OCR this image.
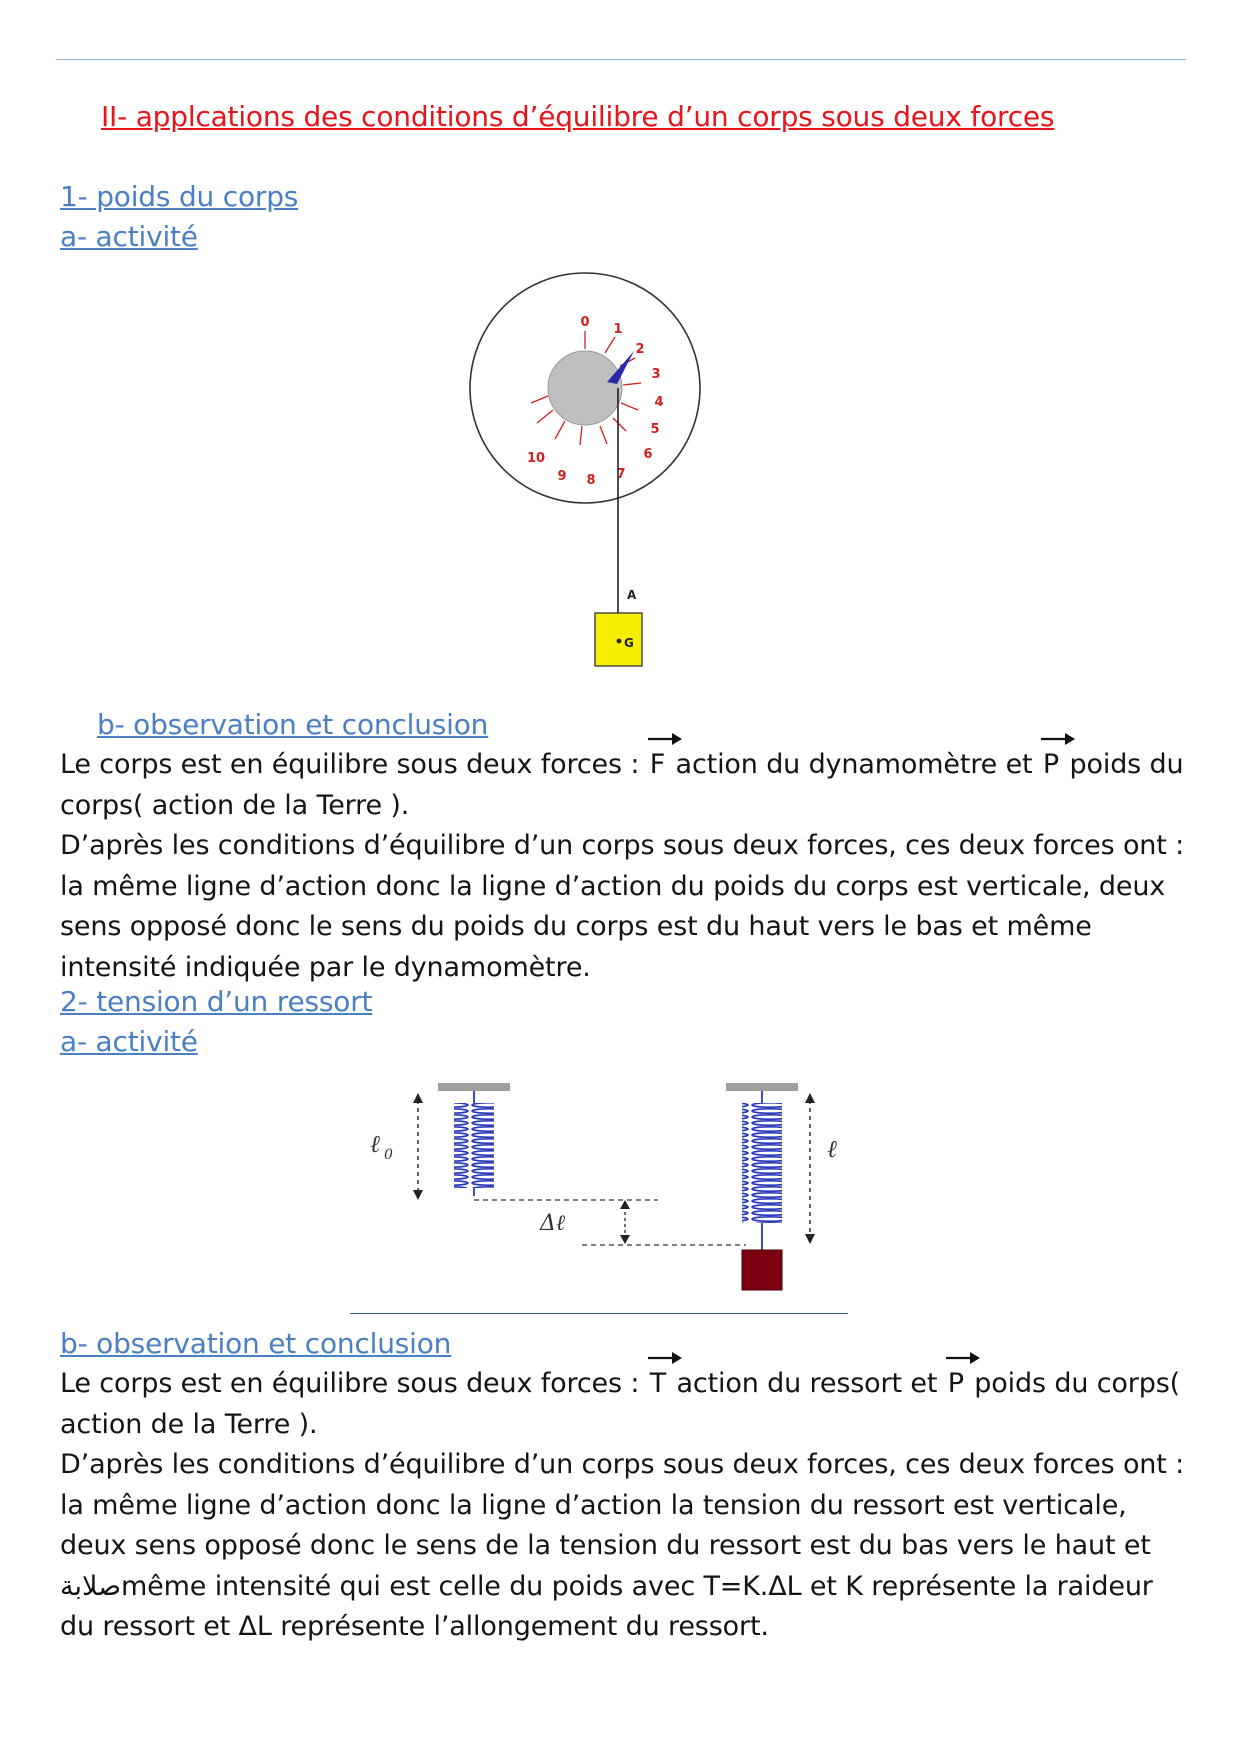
II- applcations des conditions d’équilibre d’un corps sous deux forces
1- poids du corps
a- activité
0 1
2
3
4
5
6
7
8
9
10
A
G
b- observation et conclusion
Le corps est en équilibre sous deux forces : F action du dynamomètre et P poids du
corps( action de la Terre ).
D’après les conditions d’équilibre d’un corps sous deux forces, ces deux forces ont :
la même ligne d’action donc la ligne d’action du poids du corps est verticale, deux
sens opposé donc le sens du poids du corps est du haut vers le bas et même
intensité indiquée par le dynamomètre.
2- tension d’un ressort
a- activité
ℓ 0
Δℓ
ℓ
b- observation et conclusion
Le corps est en équilibre sous deux forces : T action du ressort et P poids du corps(
action de la Terre ).
D’après les conditions d’équilibre d’un corps sous deux forces, ces deux forces ont :
la même ligne d’action donc la ligne d’action la tension du ressort est verticale,
deux sens opposé donc le sens de la tension du ressort est du bas vers le haut et
صلابةmême intensité qui est celle du poids avec T=K.ΔL et K représente la raideur
du ressort et ΔL représente l’allongement du ressort.
